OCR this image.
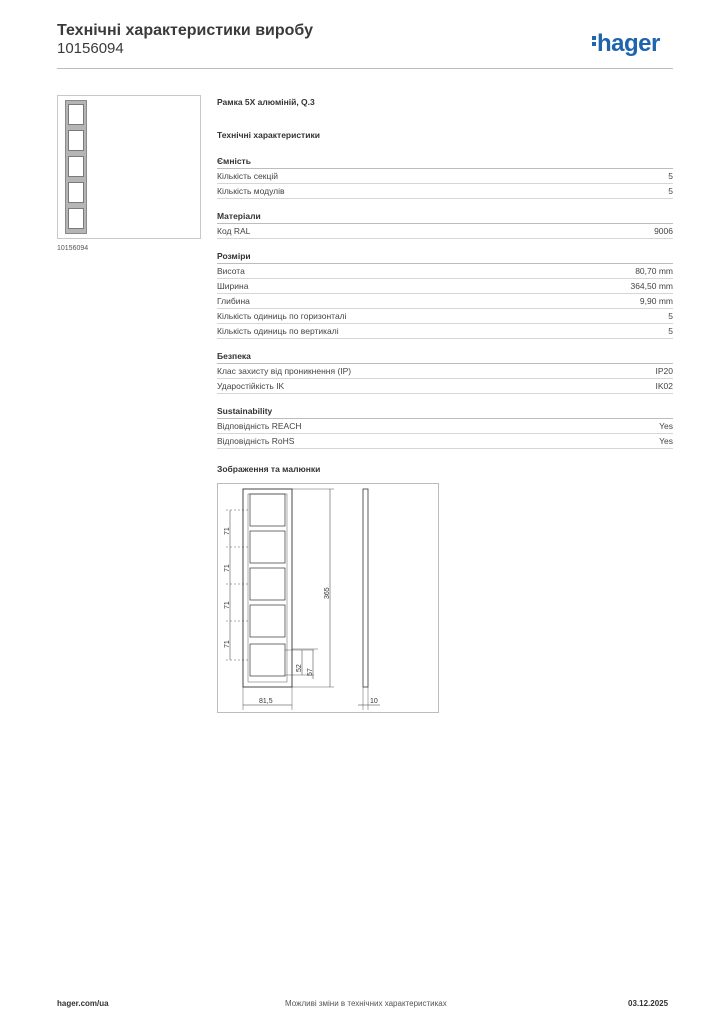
Технічні характеристики виробу
10156094	hager
10156094
Рамка 5Х алюміній, Q.3
Технічні характеристики
Ємність
Кількість секцій	5
Кількість модулів	5
Матеріали
Код RAL	9006
Розміри
Висота	80,70 mm
Ширина	364,50 mm
Глибина	9,90 mm
Кількість одиниць по горизонталі	5
Кількість одиниць по вертикалі	5
Безпека
Клас захисту від проникнення (IP)	IP20
Ударостійкість IK	IK02
Sustainability
Відповідність REACH	Yes
Відповідність RoHS	Yes
Зображення та малюнки
71
71
71
71
365
52
57
81,5	10
hager.com/ua	Можливі зміни в технічних характеристиках	03.12.2025
